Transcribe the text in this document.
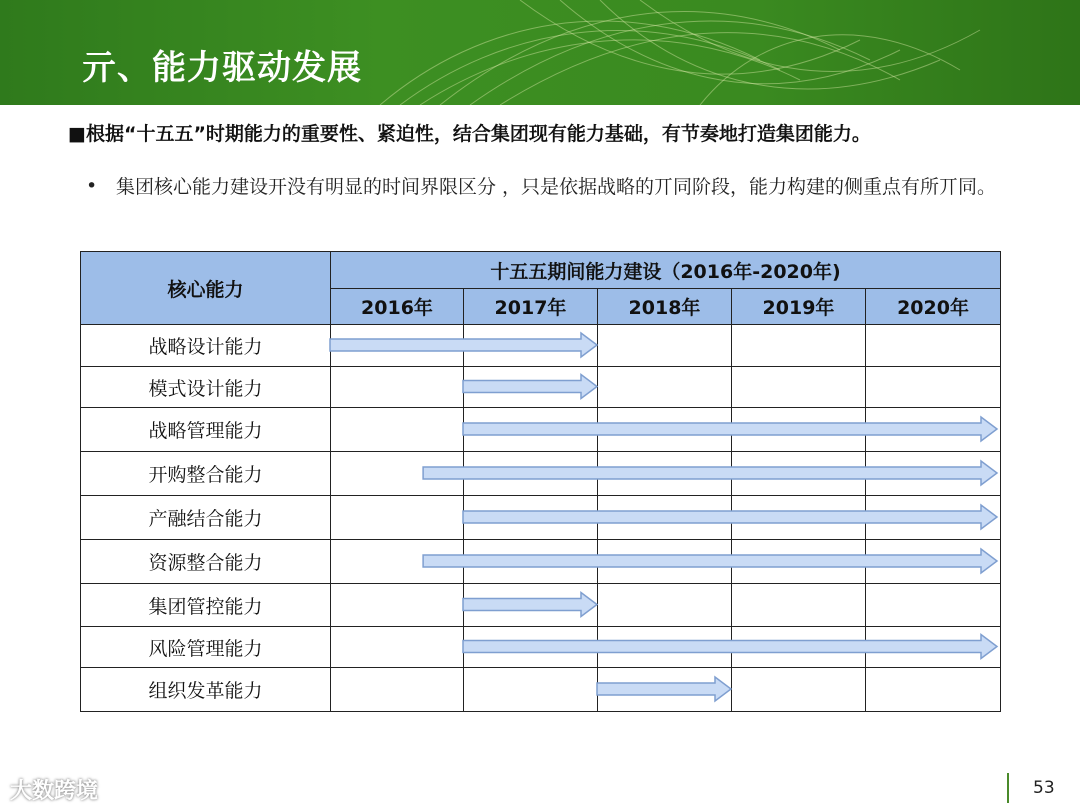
亓、能力驱动发展
■根据“十五五”时期能力的重要性、紧迫性，结合集团现有能力基础，有节奏地打造集团能力。
• 集团核心能力建设开没有明显的时间界限区分 ，只是依据战略的丌同阶段，能力构建的侧重点有所丌同。
核心能力	十五五期间能力建设（2016年-2020年)				
	2016年	2017年	2018年	2019年	2020年
战略设计能力					
模式设计能力					
战略管理能力					
开购整合能力					
产融结合能力					
资源整合能力					
集团管控能力					
风险管理能力					
组织发革能力					
大数跨境	53
